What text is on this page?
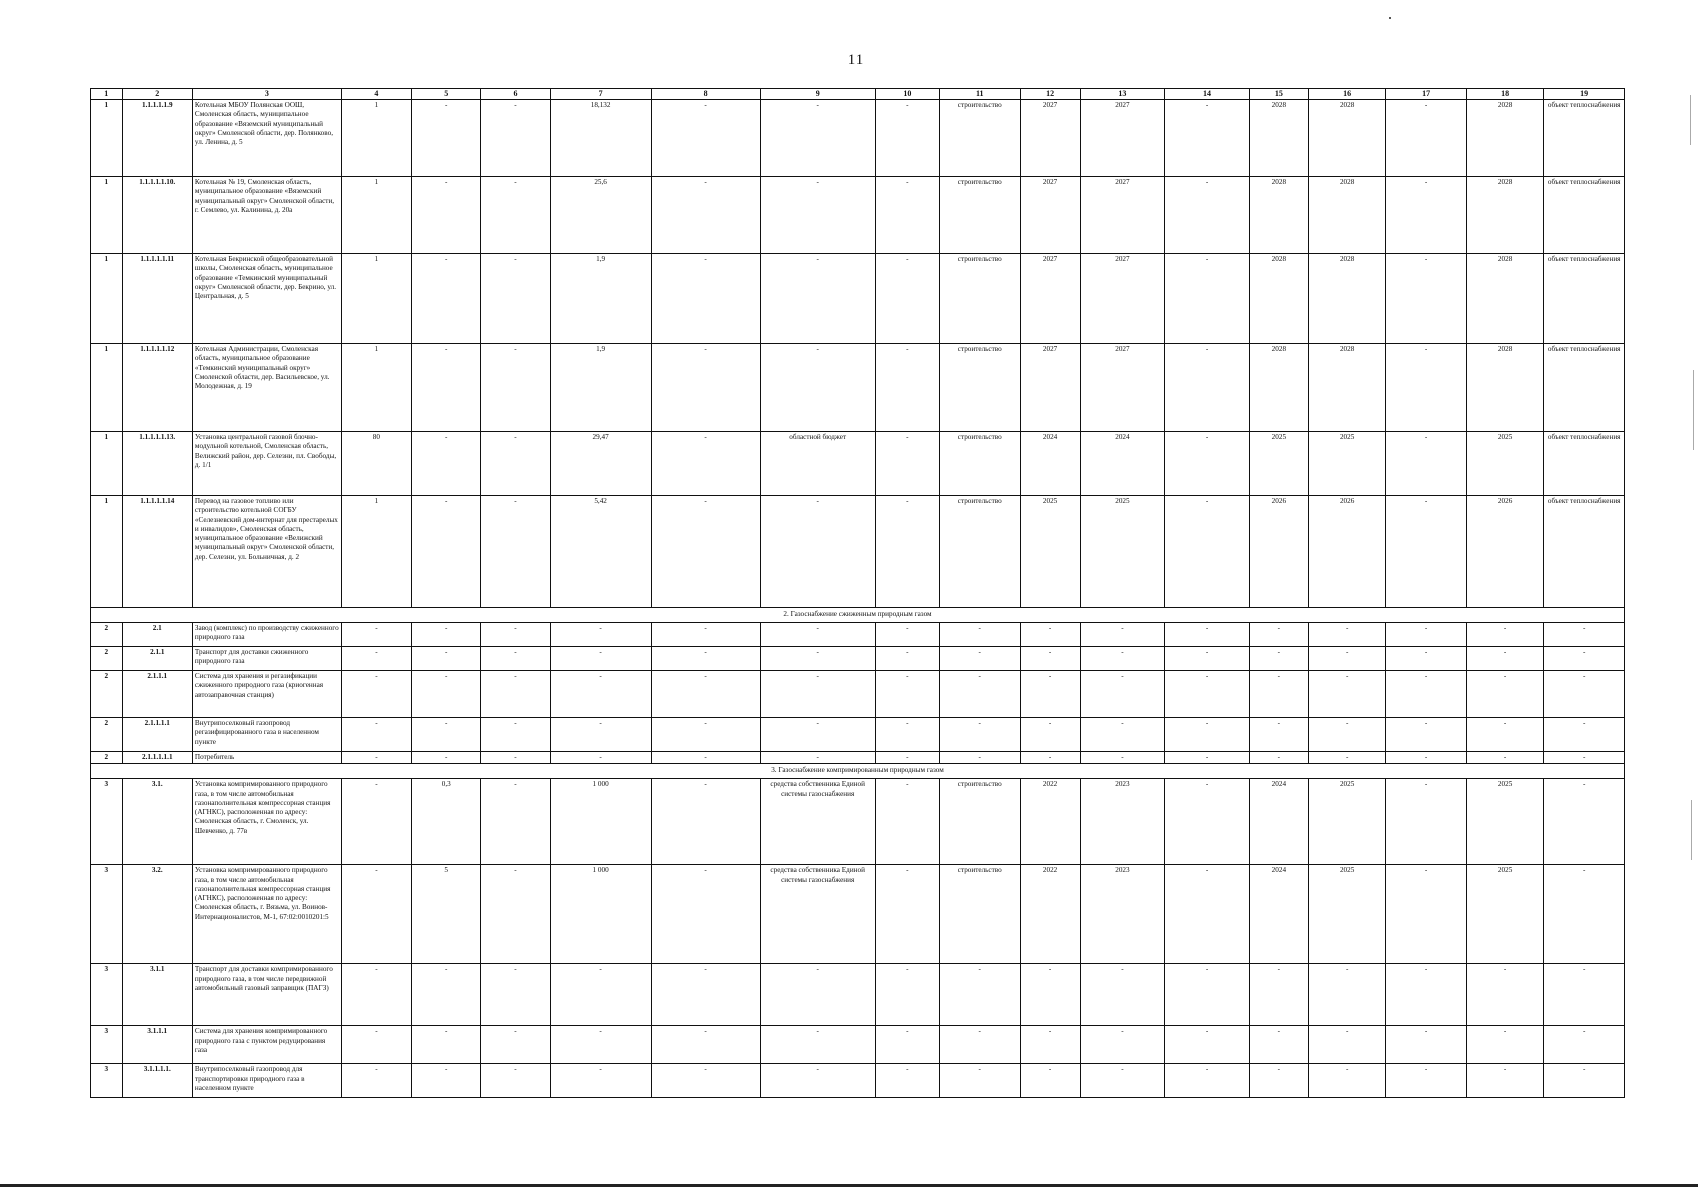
11
1	2	3	4	5	6	7	8	9	10	11	12	13	14	15	16	17	18	19
1	1.1.1.1.1.9	Котельная МБОУ Полянская ООШ, Смоленская область, муниципальное образование «Вяземский муниципальный округ» Смоленской области, дер. Полянково, ул. Ленина, д. 5	1	-	-	18,132	-	-	-	строительство	2027	2027	-	2028	2028	-	2028	объект теплоснабжения
1	1.1.1.1.1.10.	Котельная № 19, Смоленская область, муниципальное образование «Вяземский муниципальный округ» Смоленской области, г. Семлево, ул. Калинина, д. 20а	1	-	-	25,6	-	-	-	строительство	2027	2027	-	2028	2028	-	2028	объект теплоснабжения
1	1.1.1.1.1.11	Котельная Бекринской общеобразовательной школы, Смоленская область, муниципальное образование «Темкинский муниципальный округ» Смоленской области, дер. Бекрино, ул. Центральная, д. 5	1	-	-	1,9	-	-	-	строительство	2027	2027	-	2028	2028	-	2028	объект теплоснабжения
1	1.1.1.1.1.12	Котельная Администрации, Смоленская область, муниципальное образование «Темкинский муниципальный округ» Смоленской области, дер. Васильевское, ул. Молодежная, д. 19	1	-	-	1,9	-	-	-	строительство	2027	2027	-	2028	2028	-	2028	объект теплоснабжения
1	1.1.1.1.1.13.	Установка центральной газовой блочно-модульной котельной, Смоленская область, Велижский район, дер. Селезни, пл. Свободы, д. 1/1	80	-	-	29,47	-	областной бюджет	-	строительство	2024	2024	-	2025	2025	-	2025	объект теплоснабжения
1	1.1.1.1.1.14	Перевод на газовое топливо или строительство котельной СОГБУ «Селезневский дом-интернат для престарелых и инвалидов», Смоленская область, муниципальное образование «Велижский муниципальный округ» Смоленской области, дер. Селезни, ул. Больничная, д. 2	1	-	-	5,42	-	-	-	строительство	2025	2025	-	2026	2026	-	2026	объект теплоснабжения
2. Газоснабжение сжиженным природным газом																		
2	2.1	Завод (комплекс) по производству сжиженного природного газа	-	-	-	-	-	-	-	-	-	-	-	-	-	-	-	-
2	2.1.1	Транспорт для доставки сжиженного природного газа	-	-	-	-	-	-	-	-	-	-	-	-	-	-	-	-
2	2.1.1.1	Система для хранения и регазификации сжиженного природного газа (криогенная автозаправочная станция)	-	-	-	-	-	-	-	-	-	-	-	-	-	-	-	-
2	2.1.1.1.1	Внутрипоселковый газопровод регазифицированного газа в населенном пункте	-	-	-	-	-	-	-	-	-	-	-	-	-	-	-	-
2	2.1.1.1.1.1	Потребитель	-	-	-	-	-	-	-	-	-	-	-	-	-	-	-	-
3. Газоснабжение компримированным природным газом																		
3	3.1.	Установка компримированного природного газа, в том числе автомобильная газонаполнительная компрессорная станция (АГНКС), расположенная по адресу: Смоленская область, г. Смоленск, ул. Шевченко, д. 77в	-	0,3	-	1 000	-	средства собственника Единой системы газоснабжения	-	строительство	2022	2023	-	2024	2025	-	2025	-
3	3.2.	Установка компримированного природного газа, в том числе автомобильная газонаполнительная компрессорная станция (АГНКС), расположенная по адресу: Смоленская область, г. Вязьма, ул. Воинов-Интернационалистов, М-1, 67:02:0010201:5	-	5	-	1 000	-	средства собственника Единой системы газоснабжения	-	строительство	2022	2023	-	2024	2025	-	2025	-
3	3.1.1	Транспорт для доставки компримированного природного газа, в том числе передвижной автомобильный газовый заправщик (ПАГЗ)	-	-	-	-	-	-	-	-	-	-	-	-	-	-	-	-
3	3.1.1.1	Система для хранения компримированного природного газа с пунктом редуцирования газа	-	-	-	-	-	-	-	-	-	-	-	-	-	-	-	-
3	3.1.1.1.1.	Внутрипоселковый газопровод для транспортировки природного газа в населенном пункте	-	-	-	-	-	-	-	-	-	-	-	-	-	-	-	-
